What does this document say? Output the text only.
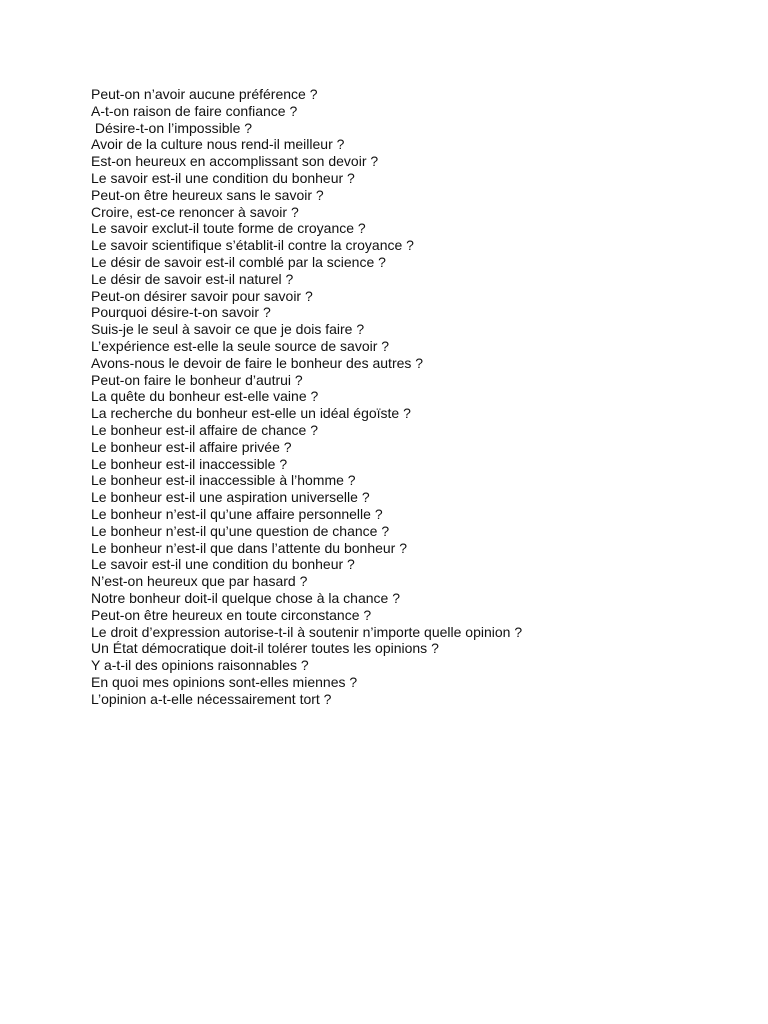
Peut-on n’avoir aucune préférence ?
A-t-on raison de faire confiance ?
Désire-t-on l’impossible ?
Avoir de la culture nous rend-il meilleur ?
Est-on heureux en accomplissant son devoir ?
Le savoir est-il une condition du bonheur ?
Peut-on être heureux sans le savoir ?
Croire, est-ce renoncer à savoir ?
Le savoir exclut-il toute forme de croyance ?
Le savoir scientifique s’établit-il contre la croyance ?
Le désir de savoir est-il comblé par la science ?
Le désir de savoir est-il naturel ?
Peut-on désirer savoir pour savoir ?
Pourquoi désire-t-on savoir ?
Suis-je le seul à savoir ce que je dois faire ?
L’expérience est-elle la seule source de savoir ?
Avons-nous le devoir de faire le bonheur des autres ?
Peut-on faire le bonheur d’autrui ?
La quête du bonheur est-elle vaine ?
La recherche du bonheur est-elle un idéal égoïste ?
Le bonheur est-il affaire de chance ?
Le bonheur est-il affaire privée ?
Le bonheur est-il inaccessible ?
Le bonheur est-il inaccessible à l’homme ?
Le bonheur est-il une aspiration universelle ?
Le bonheur n’est-il qu’une affaire personnelle ?
Le bonheur n’est-il qu’une question de chance ?
Le bonheur n’est-il que dans l’attente du bonheur ?
Le savoir est-il une condition du bonheur ?
N’est-on heureux que par hasard ?
Notre bonheur doit-il quelque chose à la chance ?
Peut-on être heureux en toute circonstance ?
Le droit d’expression autorise-t-il à soutenir n’importe quelle opinion ?
Un État démocratique doit-il tolérer toutes les opinions ?
Y a-t-il des opinions raisonnables ?
En quoi mes opinions sont-elles miennes ?
L’opinion a-t-elle nécessairement tort ?
